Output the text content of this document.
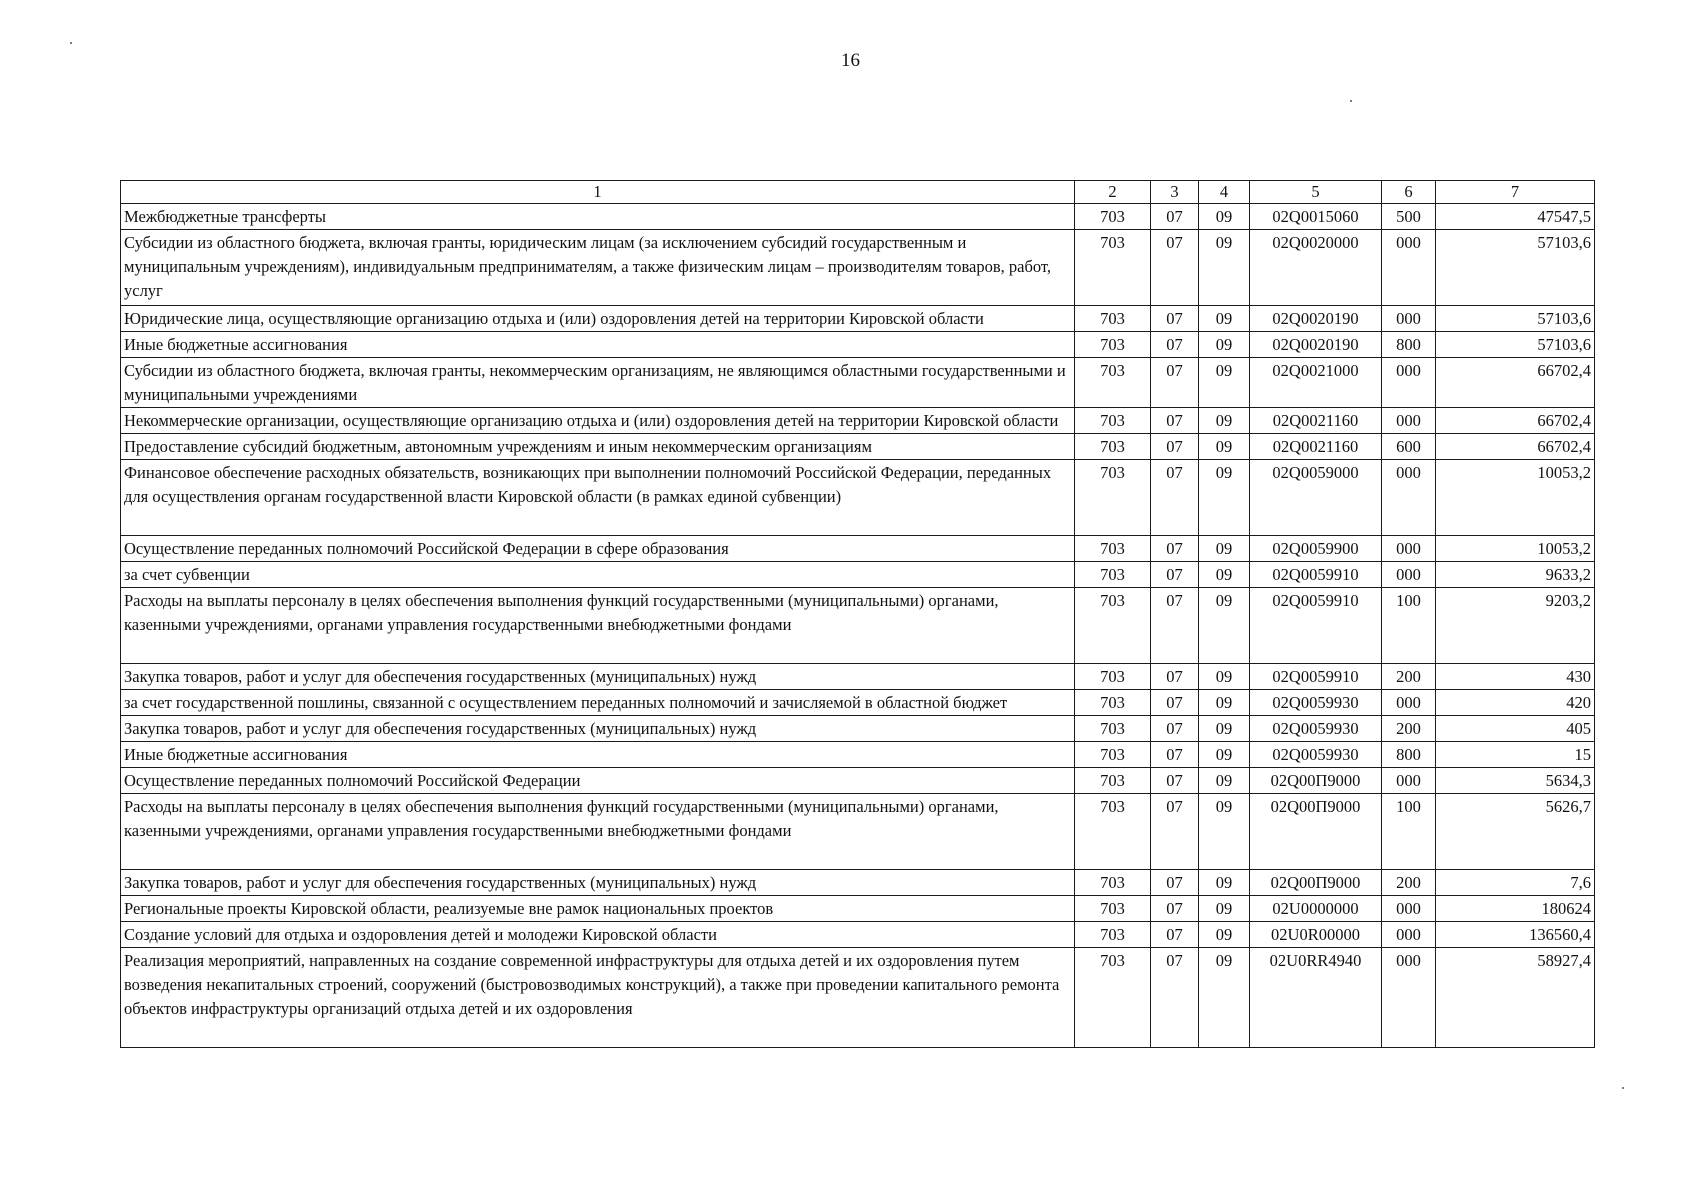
16
1	2	3	4	5	6	7
Межбюджетные трансферты	703	07	09	02Q0015060	500	47547,5
Субсидии из областного бюджета, включая гранты, юридическим лицам (за исключением субсидий государственным и муниципальным учреждениям), индивидуальным предпринимателям, а также физическим лицам – производителям товаров, работ, услуг	703	07	09	02Q0020000	000	57103,6
Юридические лица, осуществляющие организацию отдыха и (или) оздоровления детей на территории Кировской области	703	07	09	02Q0020190	000	57103,6
Иные бюджетные ассигнования	703	07	09	02Q0020190	800	57103,6
Субсидии из областного бюджета, включая гранты, некоммерческим организациям, не являющимся областными государственными и муниципальными учреждениями	703	07	09	02Q0021000	000	66702,4
Некоммерческие организации, осуществляющие организацию отдыха и (или) оздоровления детей на территории Кировской области	703	07	09	02Q0021160	000	66702,4
Предоставление субсидий бюджетным, автономным учреждениям и иным некоммерческим организациям	703	07	09	02Q0021160	600	66702,4
Финансовое обеспечение расходных обязательств, возникающих при выполнении полномочий Российской Федерации, переданных для осуществления органам государственной власти Кировской области (в рамках единой субвенции)	703	07	09	02Q0059000	000	10053,2
Осуществление переданных полномочий Российской Федерации в сфере образования	703	07	09	02Q0059900	000	10053,2
за счет субвенции	703	07	09	02Q0059910	000	9633,2
Расходы на выплаты персоналу в целях обеспечения выполнения функций государственными (муниципальными) органами, казенными учреждениями, органами управления государственными внебюджетными фондами	703	07	09	02Q0059910	100	9203,2
Закупка товаров, работ и услуг для обеспечения государственных (муниципальных) нужд	703	07	09	02Q0059910	200	430
за счет государственной пошлины, связанной с осуществлением переданных полномочий и зачисляемой в областной бюджет	703	07	09	02Q0059930	000	420
Закупка товаров, работ и услуг для обеспечения государственных (муниципальных) нужд	703	07	09	02Q0059930	200	405
Иные бюджетные ассигнования	703	07	09	02Q0059930	800	15
Осуществление переданных полномочий Российской Федерации	703	07	09	02Q00П9000	000	5634,3
Расходы на выплаты персоналу в целях обеспечения выполнения функций государственными (муниципальными) органами, казенными учреждениями, органами управления государственными внебюджетными фондами	703	07	09	02Q00П9000	100	5626,7
Закупка товаров, работ и услуг для обеспечения государственных (муниципальных) нужд	703	07	09	02Q00П9000	200	7,6
Региональные проекты Кировской области, реализуемые вне рамок национальных проектов	703	07	09	02U0000000	000	180624
Создание условий для отдыха и оздоровления детей и молодежи Кировской области	703	07	09	02U0R00000	000	136560,4
Реализация мероприятий, направленных на создание современной инфраструктуры для отдыха детей и их оздоровления путем возведения некапитальных строений, сооружений (быстровозводимых конструкций), а также при проведении капитального ремонта объектов инфраструктуры организаций отдыха детей и их оздоровления	703	07	09	02U0RR4940	000	58927,4
